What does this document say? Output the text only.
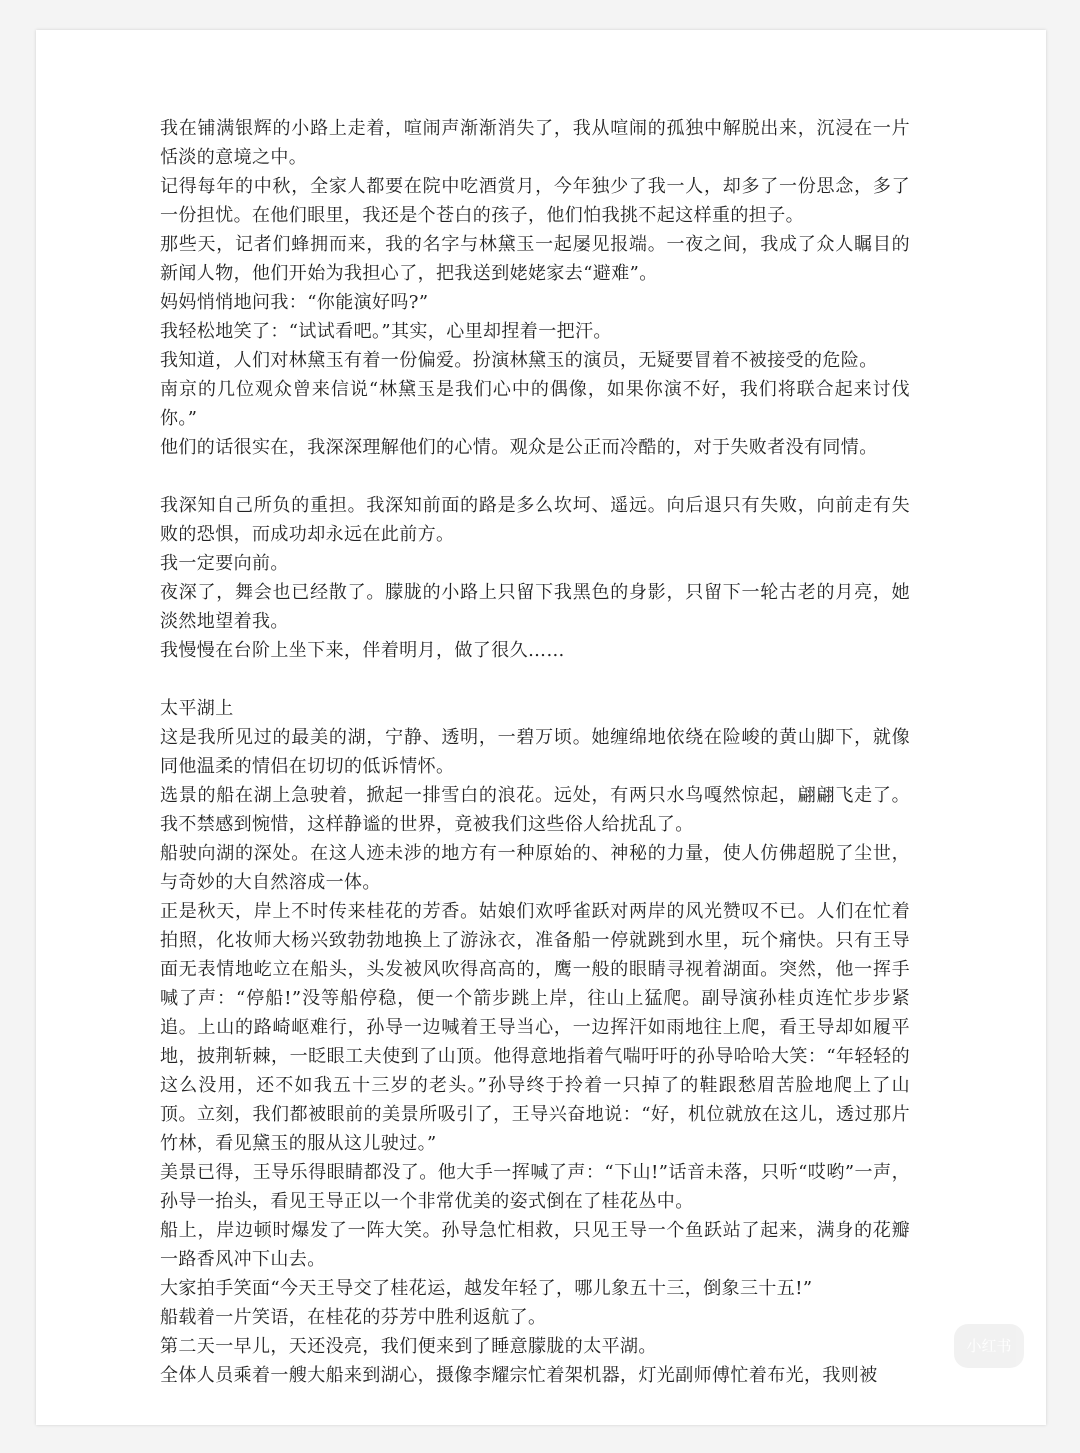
我在铺满银辉的小路上走着，喧闹声渐渐消失了，我从喧闹的孤独中解脱出来，沉浸在一片恬淡的意境之中。

记得每年的中秋，全家人都要在院中吃酒赏月，今年独少了我一人，却多了一份思念，多了一份担忧。在他们眼里，我还是个苍白的孩子，他们怕我挑不起这样重的担子。

那些天，记者们蜂拥而来，我的名字与林黛玉一起屡见报端。一夜之间，我成了众人瞩目的新闻人物，他们开始为我担心了，把我送到姥姥家去“避难”。

妈妈悄悄地问我：“你能演好吗?”

我轻松地笑了：“试试看吧。”其实，心里却捏着一把汗。

我知道，人们对林黛玉有着一份偏爱。扮演林黛玉的演员，无疑要冒着不被接受的危险。

南京的几位观众曾来信说“林黛玉是我们心中的偶像，如果你演不好，我们将联合起来讨伐你。”

他们的话很实在，我深深理解他们的心情。观众是公正而冷酷的，对于失败者没有同情。

我深知自己所负的重担。我深知前面的路是多么坎坷、遥远。向后退只有失败，向前走有失败的恐惧，而成功却永远在此前方。

我一定要向前。

夜深了，舞会也已经散了。朦胧的小路上只留下我黑色的身影，只留下一轮古老的月亮，她淡然地望着我。

我慢慢在台阶上坐下来，伴着明月，做了很久……

太平湖上

这是我所见过的最美的湖，宁静、透明，一碧万顷。她缠绵地依绕在险峻的黄山脚下，就像同他温柔的情侣在切切的低诉情怀。

选景的船在湖上急驶着，掀起一排雪白的浪花。远处，有两只水鸟嘎然惊起，翩翩飞走了。我不禁感到惋惜，这样静谧的世界，竟被我们这些俗人给扰乱了。

船驶向湖的深处。在这人迹未涉的地方有一种原始的、神秘的力量，使人仿佛超脱了尘世，与奇妙的大自然溶成一体。

正是秋天，岸上不时传来桂花的芳香。姑娘们欢呼雀跃对两岸的风光赞叹不已。人们在忙着拍照，化妆师大杨兴致勃勃地换上了游泳衣，准备船一停就跳到水里，玩个痛快。只有王导面无表情地屹立在船头，头发被风吹得高高的，鹰一般的眼睛寻视着湖面。突然，他一挥手喊了声：“停船!”没等船停稳，便一个箭步跳上岸，往山上猛爬。副导演孙桂贞连忙步步紧追。上山的路崎岖难行，孙导一边喊着王导当心，一边挥汗如雨地往上爬，看王导却如履平地，披荆斩棘，一眨眼工夫使到了山顶。他得意地指着气喘吁吁的孙导哈哈大笑：“年轻轻的这么没用，还不如我五十三岁的老头。”孙导终于拎着一只掉了的鞋跟愁眉苦脸地爬上了山顶。立刻，我们都被眼前的美景所吸引了，王导兴奋地说：“好，机位就放在这儿，透过那片竹林，看见黛玉的服从这儿驶过。”

美景已得，王导乐得眼睛都没了。他大手一挥喊了声：“下山!”话音未落，只听“哎哟”一声，孙导一抬头，看见王导正以一个非常优美的姿式倒在了桂花丛中。

船上，岸边顿时爆发了一阵大笑。孙导急忙相救，只见王导一个鱼跃站了起来，满身的花瓣一路香风冲下山去。

大家拍手笑面“今天王导交了桂花运，越发年轻了，哪儿象五十三，倒象三十五!”

船载着一片笑语，在桂花的芬芳中胜利返航了。

第二天一早儿，天还没亮，我们便来到了睡意朦胧的太平湖。

全体人员乘着一艘大船来到湖心，摄像李耀宗忙着架机器，灯光副师傅忙着布光，我则被

小红书
